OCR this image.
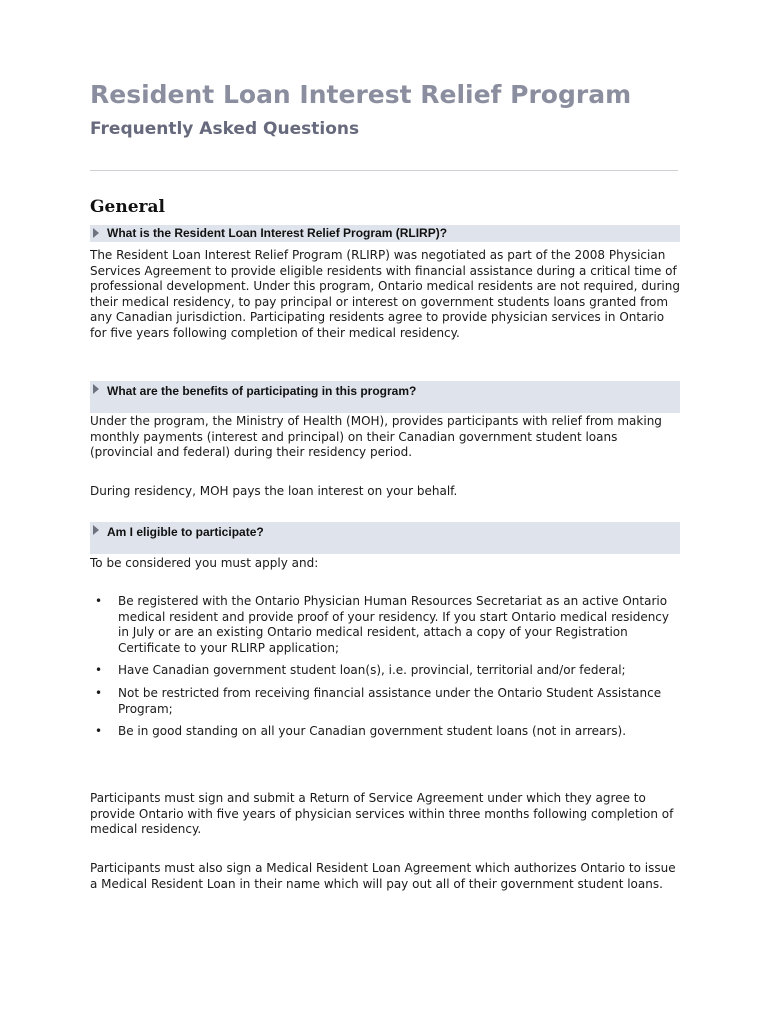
Resident Loan Interest Relief Program
Frequently Asked Questions
General
What is the Resident Loan Interest Relief Program (RLIRP)?

The Resident Loan Interest Relief Program (RLIRP) was negotiated as part of the 2008 Physician Services Agreement to provide eligible residents with financial assistance during a critical time of professional development. Under this program, Ontario medical residents are not required, during their medical residency, to pay principal or interest on government students loans granted from any Canadian jurisdiction. Participating residents agree to provide physician services in Ontario for five years following completion of their medical residency.

What are the benefits of participating in this program?

Under the program, the Ministry of Health (MOH), provides participants with relief from making monthly payments (interest and principal) on their Canadian government student loans (provincial and federal) during their residency period.

During residency, MOH pays the loan interest on your behalf.

Am I eligible to participate?

To be considered you must apply and:

• Be registered with the Ontario Physician Human Resources Secretariat as an active Ontario medical resident and provide proof of your residency. If you start Ontario medical residency in July or are an existing Ontario medical resident, attach a copy of your Registration Certificate to your RLIRP application;
• Have Canadian government student loan(s), i.e. provincial, territorial and/or federal;
• Not be restricted from receiving financial assistance under the Ontario Student Assistance Program;
• Be in good standing on all your Canadian government student loans (not in arrears).

Participants must sign and submit a Return of Service Agreement under which they agree to provide Ontario with five years of physician services within three months following completion of medical residency.

Participants must also sign a Medical Resident Loan Agreement which authorizes Ontario to issue a Medical Resident Loan in their name which will pay out all of their government student loans.
